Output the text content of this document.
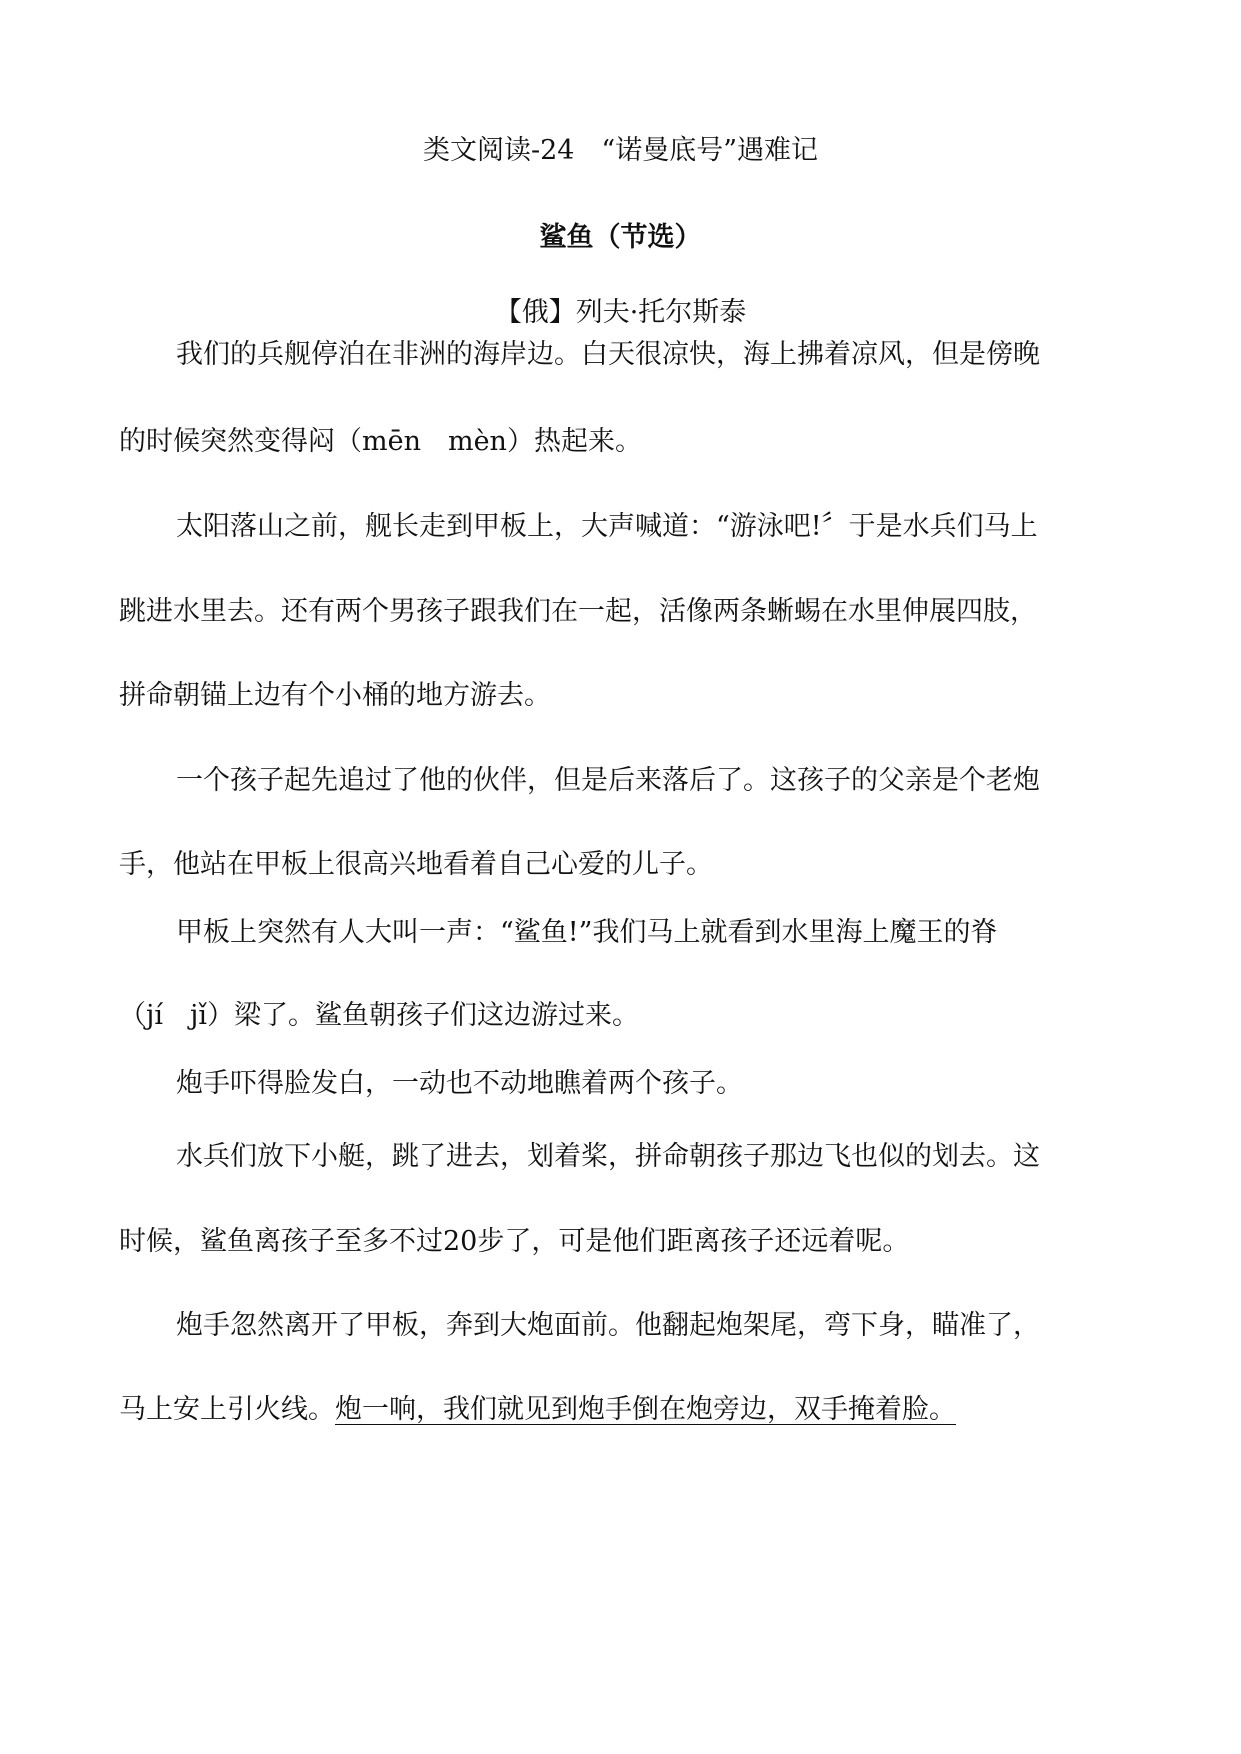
类文阅读-24　“诺曼底号”遇难记
鲨鱼（节选）
【俄】列夫·托尔斯泰
我们的兵舰停泊在非洲的海岸边。白天很凉快，海上拂着凉风，但是傍晚
的时候突然变得闷（mēn　mèn）热起来。
太阳落山之前，舰长走到甲板上，大声喊道：“游泳吧!〞于是水兵们马上
跳进水里去。还有两个男孩子跟我们在一起，活像两条蜥蜴在水里伸展四肢，
拼命朝锚上边有个小桶的地方游去。
一个孩子起先追过了他的伙伴，但是后来落后了。这孩子的父亲是个老炮
手，他站在甲板上很高兴地看着自己心爱的儿子。
甲板上突然有人大叫一声：“鲨鱼!”我们马上就看到水里海上魔王的脊
（jí　jǐ）梁了。鲨鱼朝孩子们这边游过来。
炮手吓得脸发白，一动也不动地瞧着两个孩子。
水兵们放下小艇，跳了进去，划着桨，拼命朝孩子那边飞也似的划去。这
时候，鲨鱼离孩子至多不过20步了，可是他们距离孩子还远着呢。
炮手忽然离开了甲板，奔到大炮面前。他翻起炮架尾，弯下身，瞄准了，
马上安上引火线。炮一响，我们就见到炮手倒在炮旁边，双手掩着脸。
